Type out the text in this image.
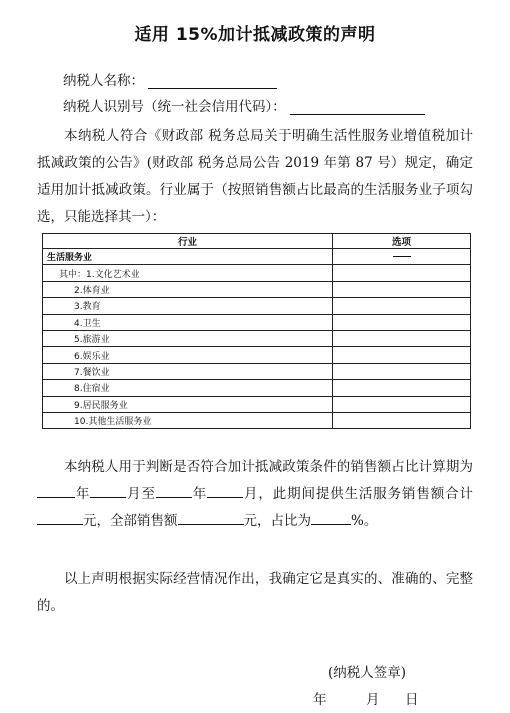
适用 15%加计抵减政策的声明
纳税人名称：
纳税人识别号（统一社会信用代码）：
本纳税人符合《财政部 税务总局关于明确生活性服务业增值税加计抵减政策的公告》(财政部 税务总局公告 2019 年第 87 号）规定，确定适用加计抵减政策。行业属于（按照销售额占比最高的生活服务业子项勾选，只能选择其一）：
行业	选项
生活服务业	
其中：1.文化艺术业	
2.体育业	
3.教育	
4.卫生	
5.旅游业	
6.娱乐业	
7.餐饮业	
8.住宿业	
9.居民服务业	
10.其他生活服务业	
本纳税人用于判断是否符合加计抵减政策条件的销售额占比计算期为年	月至	年	月，此期间提供生活服务销售额合计元，全部销售额	元，占比为	%。
以上声明根据实际经营情况作出，我确定它是真实的、准确的、完整的。
(纳税人签章)
年	月 日
